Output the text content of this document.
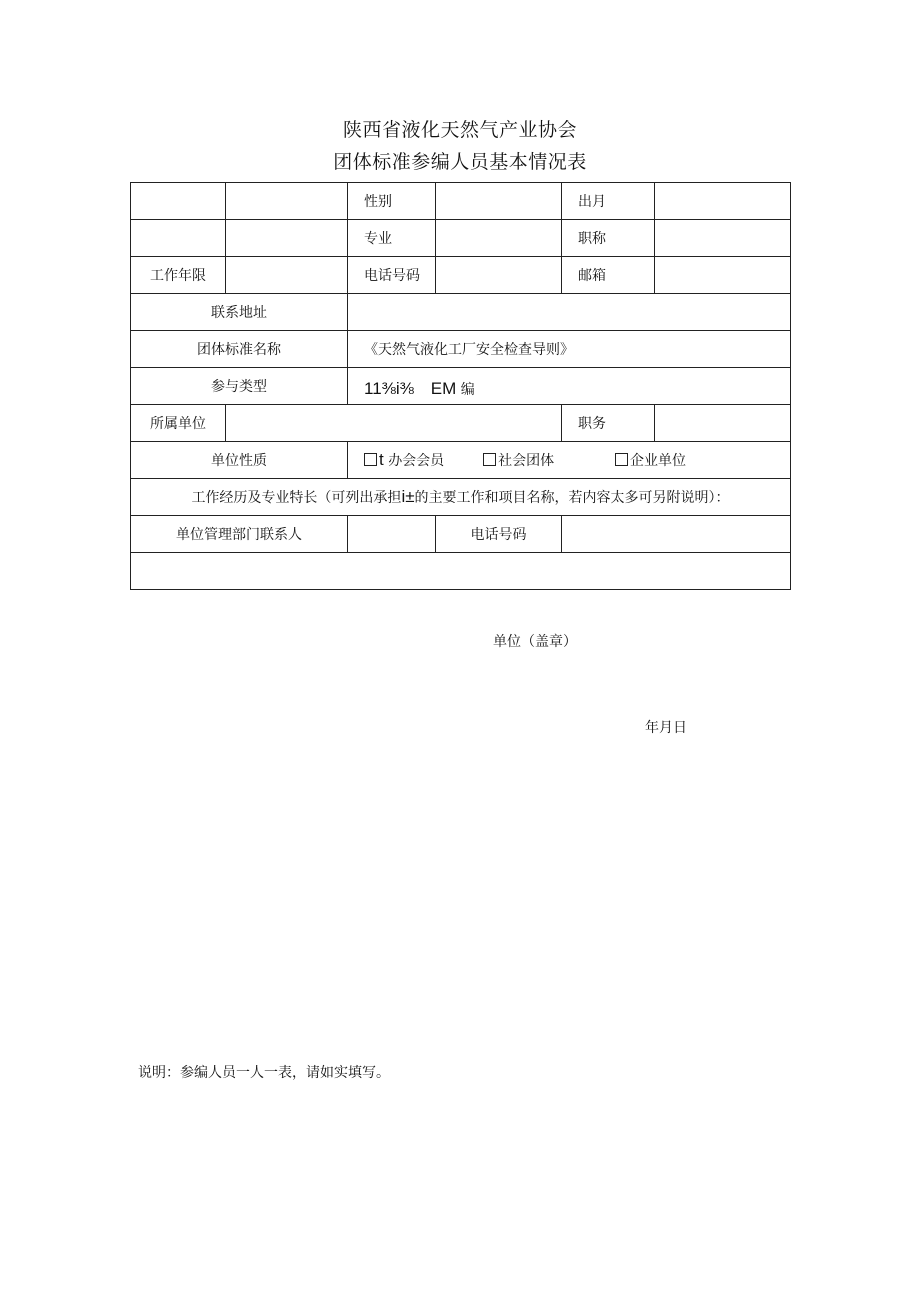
陕西省液化天然气产业协会
团体标准参编人员基本情况表
		性别		出月	
		专业		职称	
工作年限		电话号码		邮箱	
联系地址					
团体标准名称		《天然气液化工厂安全检查导则》			
参与类型		11⅜i⅜　EM 编			
所属单位				职务	
单位性质		t 办会会员 社会团体 企业单位			
工作经历及专业特长（可列出承担i±的主要工作和项目名称，若内容太多可另附说明）：					
单位管理部门联系人			电话号码		

单位（盖章）
年月日					
说明：参编人员一人一表，请如实填写。
